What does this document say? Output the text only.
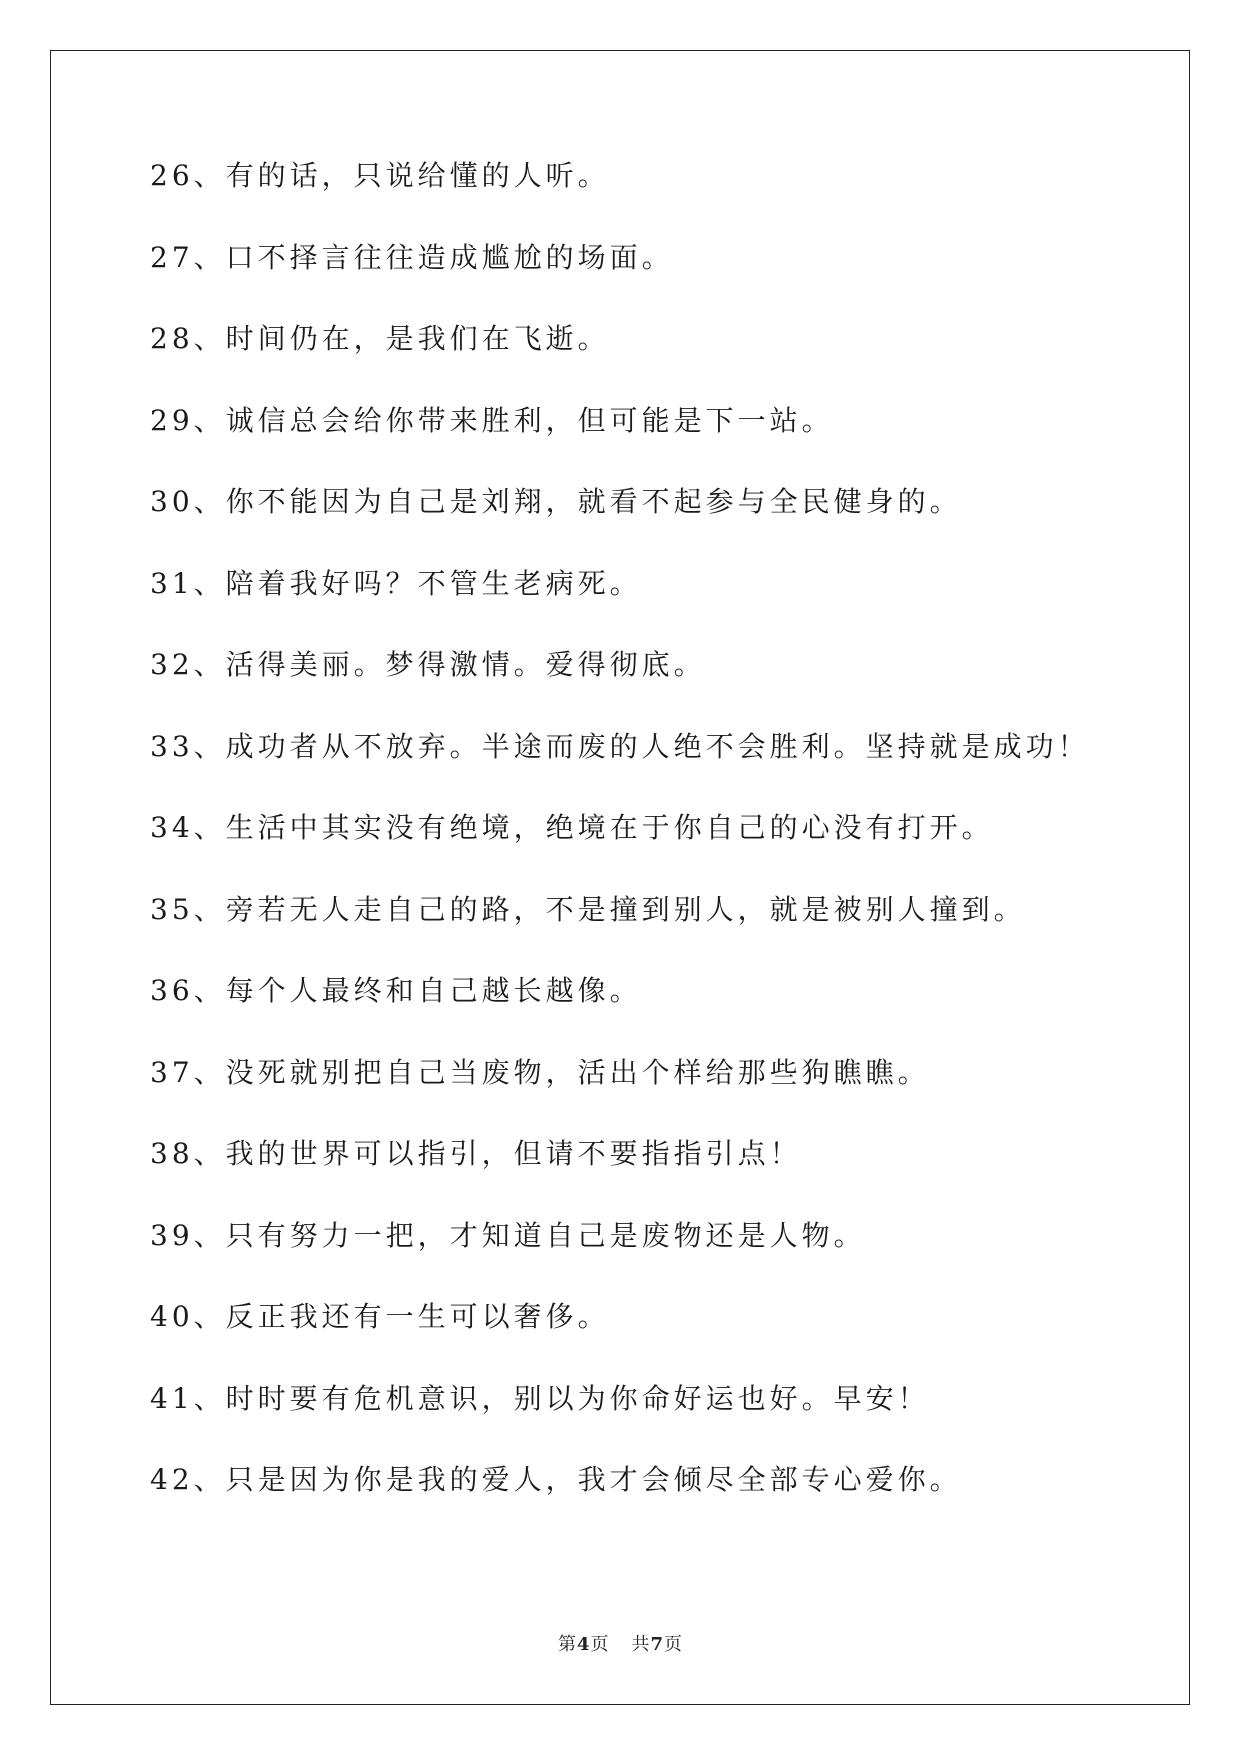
26、有的话，只说给懂的人听。
27、口不择言往往造成尴尬的场面。
28、时间仍在，是我们在飞逝。
29、诚信总会给你带来胜利，但可能是下一站。
30、你不能因为自己是刘翔，就看不起参与全民健身的。
31、陪着我好吗？不管生老病死。
32、活得美丽。梦得激情。爱得彻底。
33、成功者从不放弃。半途而废的人绝不会胜利。坚持就是成功！
34、生活中其实没有绝境，绝境在于你自己的心没有打开。
35、旁若无人走自己的路，不是撞到别人，就是被别人撞到。
36、每个人最终和自己越长越像。
37、没死就别把自己当废物，活出个样给那些狗瞧瞧。
38、我的世界可以指引，但请不要指指引点！
39、只有努力一把，才知道自己是废物还是人物。
40、反正我还有一生可以奢侈。
41、时时要有危机意识，别以为你命好运也好。早安！
42、只是因为你是我的爱人，我才会倾尽全部专心爱你。
第4页 共7页
